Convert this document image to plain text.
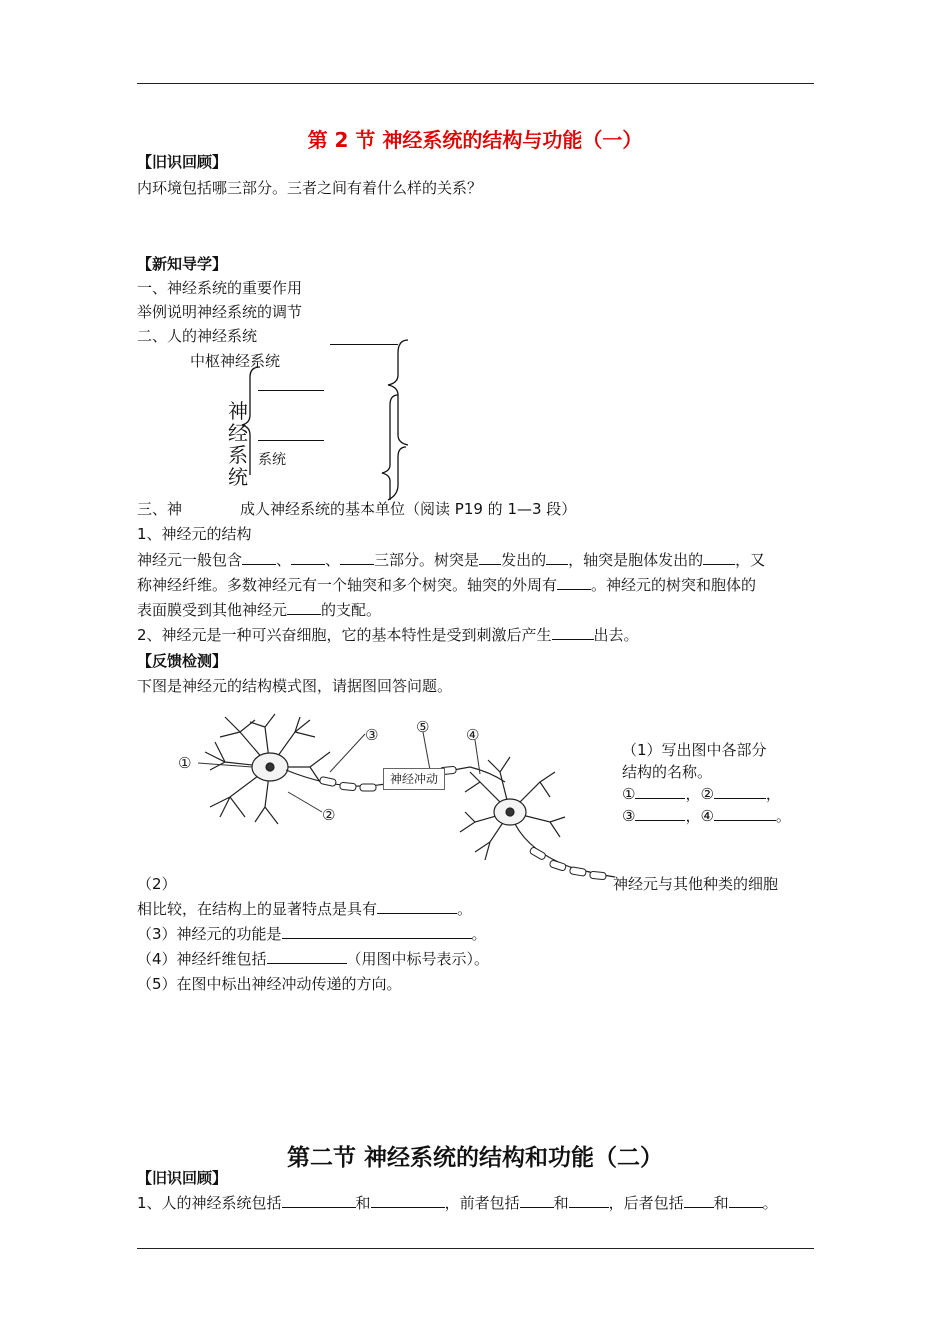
第 2 节 神经系统的结构与功能（一）
【旧识回顾】
内环境包括哪三部分。三者之间有着什么样的关系？
【新知导学】
一、神经系统的重要作用
举例说明神经系统的调节
二、人的神经系统
中枢神经系统
系统
神
经
系
统
三、神	成人神经系统的基本单位（阅读 P19 的 1—3 段）
1、神经元的结构
神经元一般包含 、 、 三部分。树突是 发出的 ，轴突是胞体发出的 ，又
称神经纤维。多数神经元有一个轴突和多个树突。轴突的外周有 。神经元的树突和胞体的
表面膜受到其他神经元 的支配。
2、神经元是一种可兴奋细胞，它的基本特性是受到刺激后产生	出去。
【反馈检测】
下图是神经元的结构模式图，请据图回答问题。
①
②
③	④
⑤
神经冲动
（1）写出图中各部分
结构的名称。
①	，②	，
③	，④	。
（2）	神经元与其他种类的细胞
相比较，在结构上的显著特点是具有	。
（3）神经元的功能是	。
（4）神经纤维包括	（用图中标号表示）。
（5）在图中标出神经冲动传递的方向。
第二节 神经系统的结构和功能（二）
【旧识回顾】
1、人的神经系统包括	和	，前者包括 和	，后者包括 和 。
